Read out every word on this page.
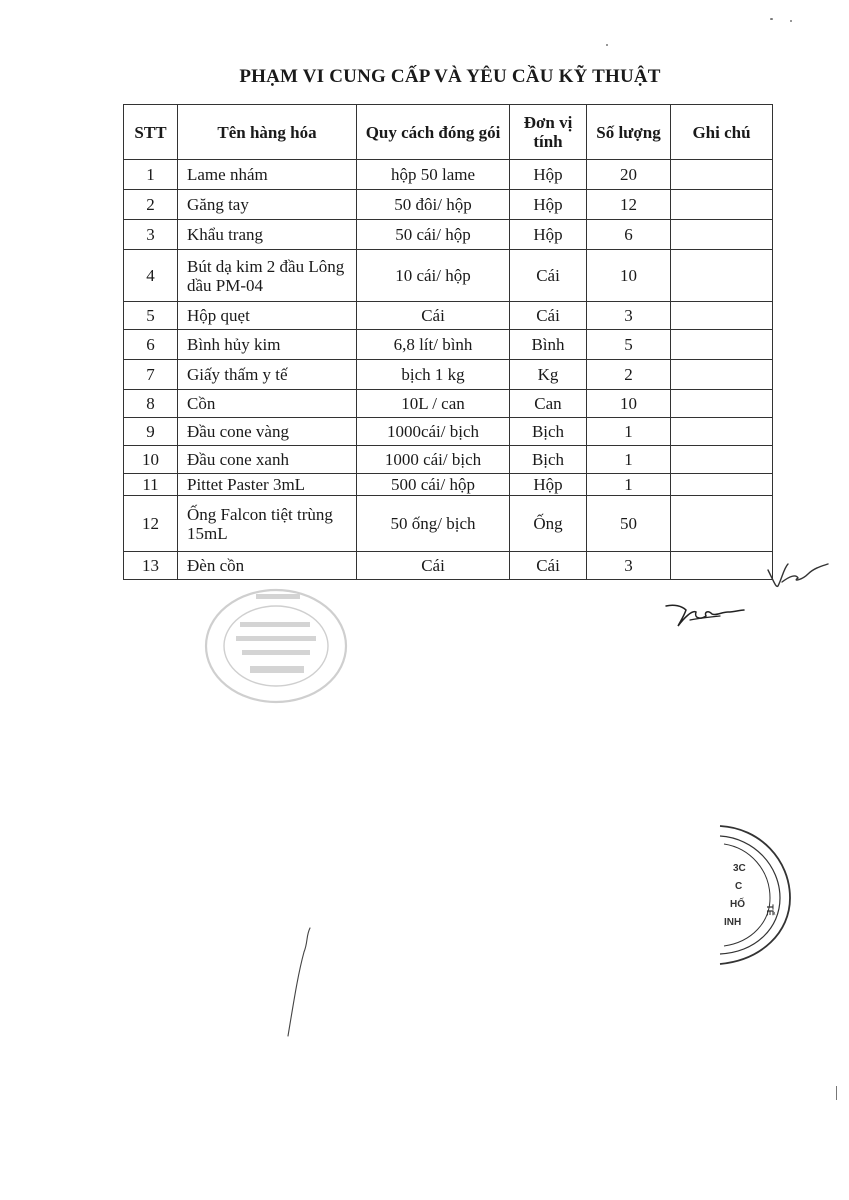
PHẠM VI CUNG CẤP VÀ YÊU CẦU KỸ THUẬT
STT	Tên hàng hóa	Quy cách đóng gói	Đơn vị tính	Số lượng	Ghi chú
1	Lame nhám	hộp 50 lame	Hộp	20	
2	Găng tay	50 đôi/ hộp	Hộp	12	
3	Khẩu trang	50 cái/ hộp	Hộp	6	
4	Bút dạ kim 2 đầu Lông dầu PM-04	10 cái/ hộp	Cái	10	
5	Hộp quẹt	Cái	Cái	3	
6	Bình hủy kim	6,8 lít/ bình	Bình	5	
7	Giấy thấm y tế	bịch 1 kg	Kg	2	
8	Cồn	10L / can	Can	10	
9	Đầu cone vàng	1000cái/ bịch	Bịch	1	
10	Đầu cone xanh	1000 cái/ bịch	Bịch	1	
11	Pittet Paster 3mL	500 cái/ hộp	Hộp	1	
12	Ống Falcon tiệt trùng 15mL	50 ống/ bịch	Ống	50	
13	Đèn cồn	Cái	Cái	3	
3C
C
HỐ
INH
TẾ
